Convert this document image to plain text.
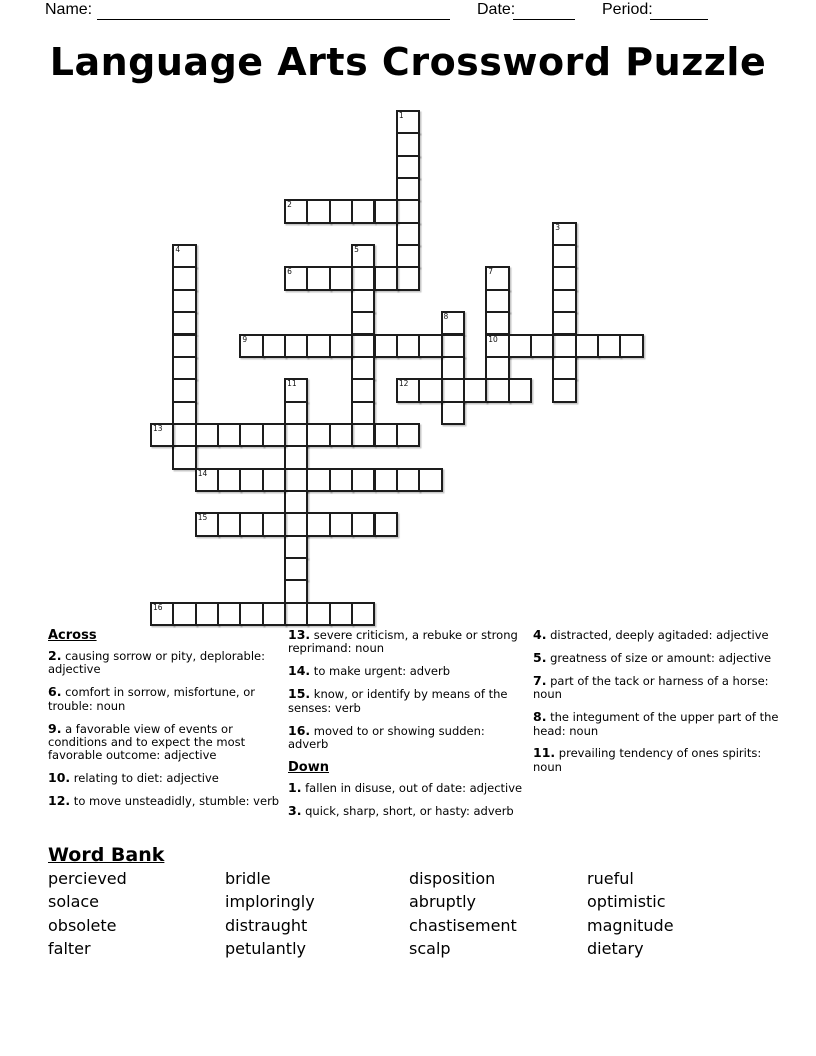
Name:	Date:	Period:
Language Arts Crossword Puzzle
1
2
3
4	5
6	7
10
8
9
11	12
13
14
15
16

Across

2. causing sorrow or pity, deplorable: adjective

6. comfort in sorrow, misfortune, or trouble: noun

9. a favorable view of events or conditions and to expect the most favorable outcome: adjective

10. relating to diet: adjective

12. to move unsteadidly, stumble: verb

13. severe criticism, a rebuke or strong reprimand: noun

14. to make urgent: adverb

15. know, or identify by means of the senses: verb

16. moved to or showing sudden: adverb

Down

1. fallen in disuse, out of date: adjective

3. quick, sharp, short, or hasty: adverb

4. distracted, deeply agitaded: adjective

5. greatness of size or amount: adjective

7. part of the tack or harness of a horse: noun

8. the integument of the upper part of the head: noun

11. prevailing tendency of ones spirits: noun

Word Bank
percieved
solace
obsolete
falter
bridle
imploringly
distraught
petulantly
disposition
abruptly
chastisement
scalp
rueful
optimistic
magnitude
dietary
